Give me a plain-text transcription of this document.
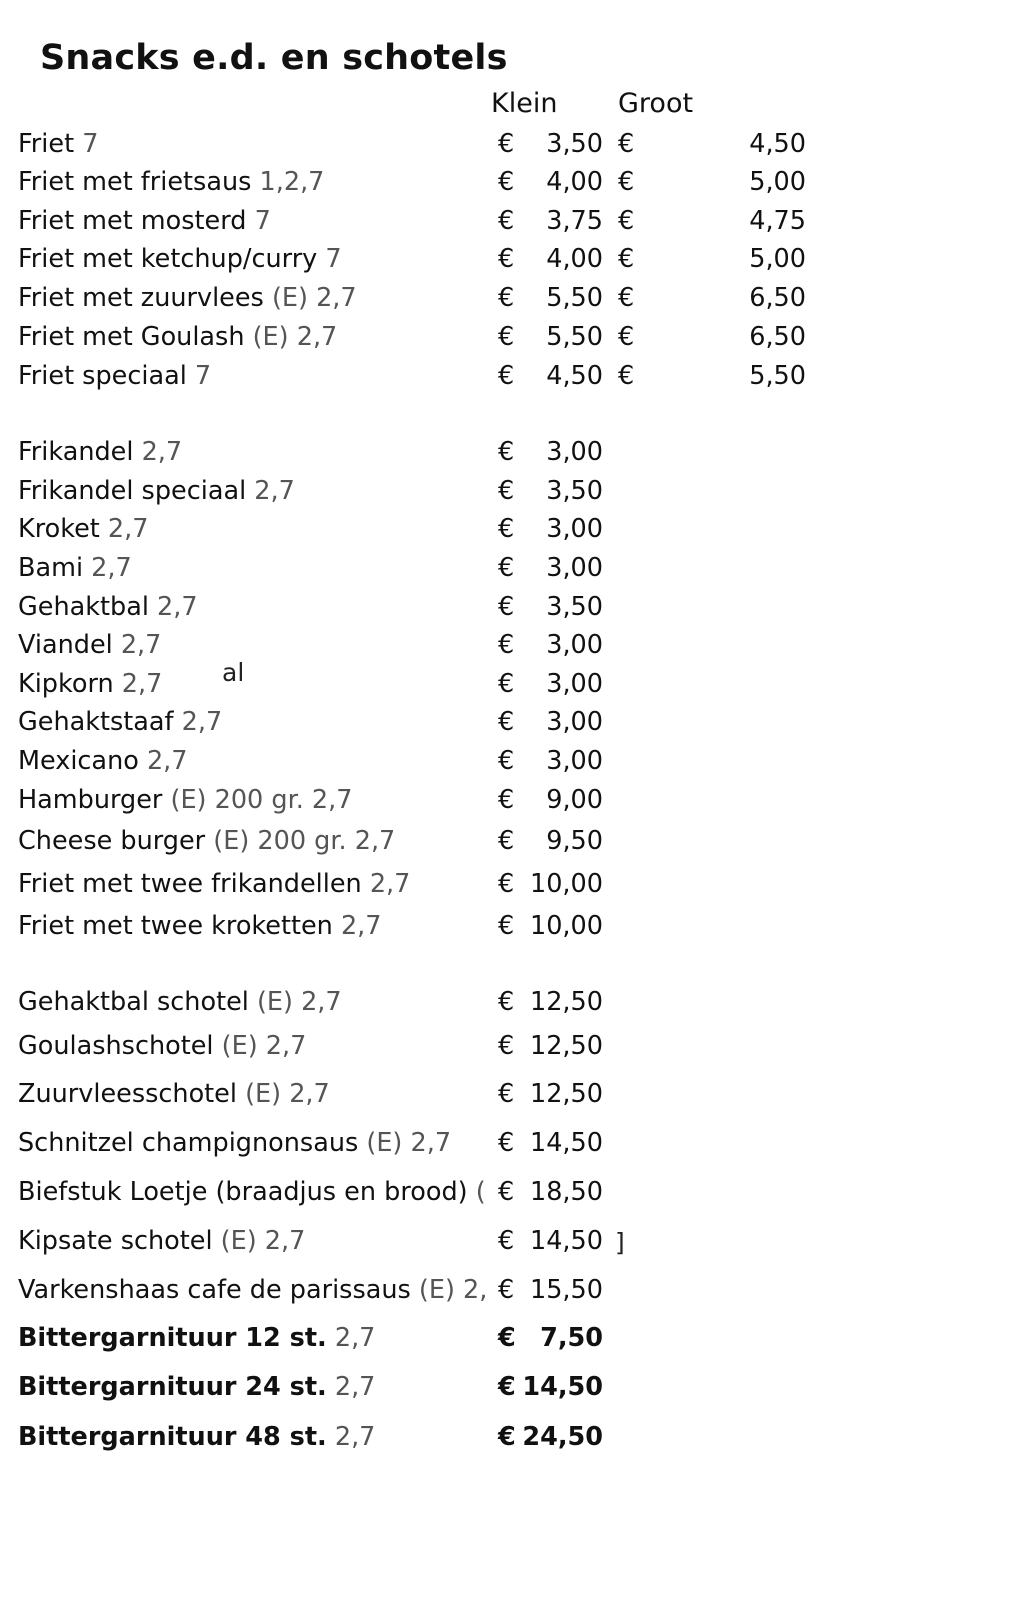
Snacks e.d. en schotels
Klein Groot
Friet 7	€	3,50 €	4,50
Friet met frietsaus 1,2,7	€	4,00 €	5,00
Friet met mosterd 7	€	3,75 €	4,75
Friet met ketchup/curry 7	€	4,00 €	5,00
Friet met zuurvlees (E) 2,7	€	5,50 €	6,50
Friet met Goulash (E) 2,7	€	5,50 €	6,50
Friet speciaal 7	€	4,50 €	5,50
Frikandel 2,7	€	3,00
Frikandel speciaal 2,7	€	3,50
Kroket 2,7	€	3,00
Bami 2,7	€	3,00
Gehaktbal 2,7	€	3,50
Viandel 2,7	€	3,00
Kipkorn 2,7	€	3,00
Gehaktstaaf 2,7	€	3,00
Mexicano 2,7	€	3,00
Hamburger (E) 200 gr. 2,7	€	9,00
Cheese burger (E) 200 gr. 2,7	€	9,50
Friet met twee frikandellen 2,7	€ 10,00
Friet met twee kroketten 2,7	€ 10,00
Gehaktbal schotel (E) 2,7	€ 12,50
Goulashschotel (E) 2,7	€ 12,50
Zuurvleesschotel (E) 2,7	€ 12,50
Schnitzel champignonsaus (E) 2,7 € 14,50
Biefstuk Loetje (braadjus en brood) ( € 18,50
Kipsate schotel (E) 2,7	€ 14,50
Varkenshaas cafe de parissaus (E) 2, € 15,50
Bittergarnituur 12 st. 2,7	€ 7,50
Bittergarnituur 24 st. 2,7	€ 14,50
Bittergarnituur 48 st. 2,7	€ 24,50
al
]
